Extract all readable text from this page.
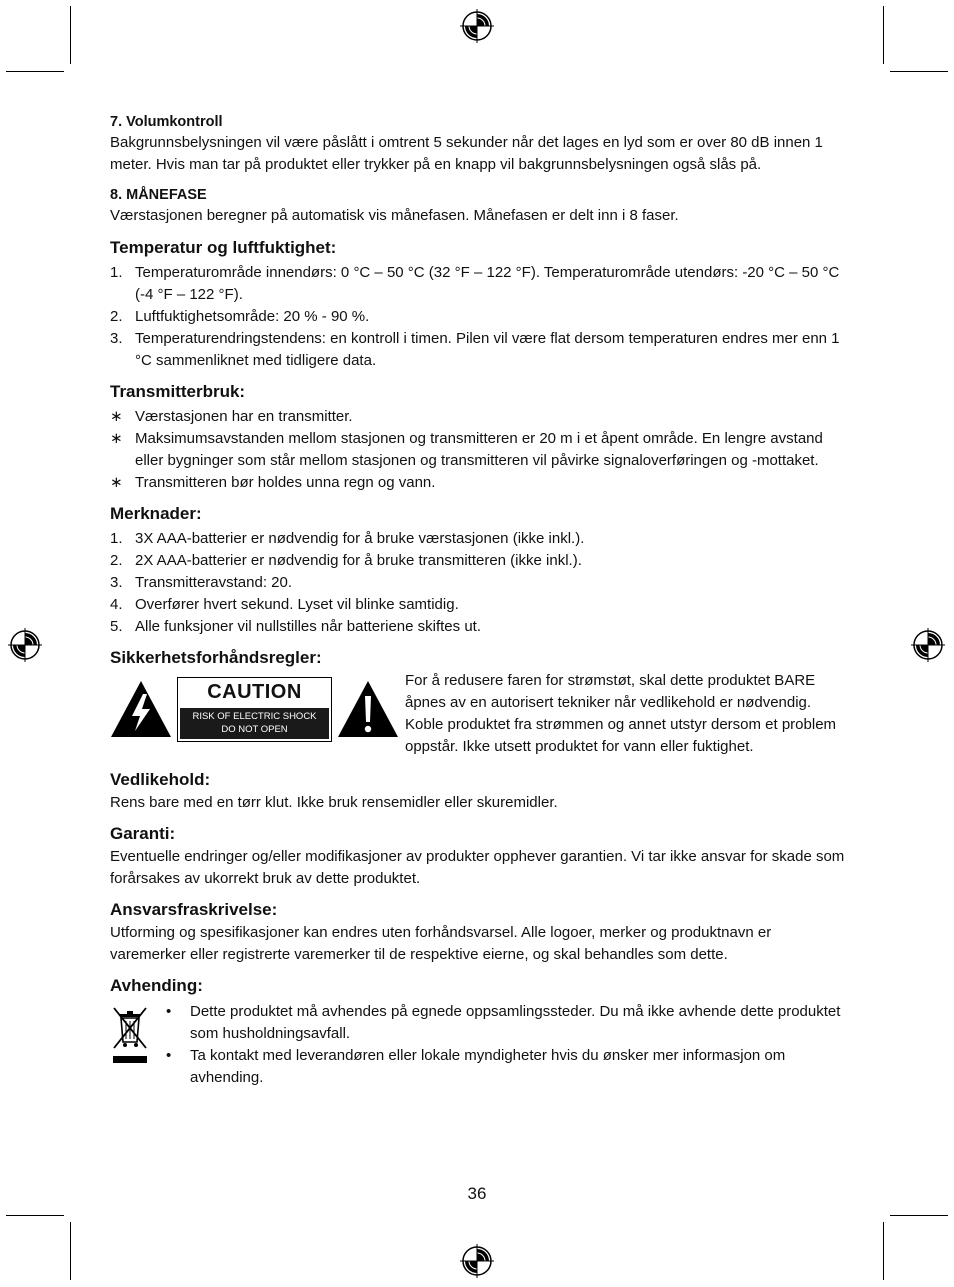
7. Volumkontroll

Bakgrunnsbelysningen vil være påslått i omtrent 5 sekunder når det lages en lyd som er over 80 dB innen 1 meter. Hvis man tar på produktet eller trykker på en knapp vil bakgrunnsbelysningen også slås på.

8. MÅNEFASE

Værstasjonen beregner på automatisk vis månefasen. Månefasen er delt inn i 8 faser.

Temperatur og luftfuktighet:

1. Temperaturområde innendørs: 0 °C – 50 °C (32 °F – 122 °F). Temperaturområde utendørs: -20 °C – 50 °C (-4 °F – 122 °F).
2. Luftfuktighetsområde: 20 % - 90 %.
3. Temperaturendringstendens: en kontroll i timen. Pilen vil være flat dersom temperaturen endres mer enn 1 °C sammenliknet med tidligere data.

Transmitterbruk:

∗ Værstasjonen har en transmitter.
∗ Maksimumsavstanden mellom stasjonen og transmitteren er 20 m i et åpent område. En lengre avstand eller bygninger som står mellom stasjonen og transmitteren vil påvirke signaloverføringen og -mottaket.
∗ Transmitteren bør holdes unna regn og vann.

Merknader:

1. 3X AAA-batterier er nødvendig for å bruke værstasjonen (ikke inkl.).
2. 2X AAA-batterier er nødvendig for å bruke transmitteren (ikke inkl.).
3. Transmitteravstand: 20.
4. Overfører hvert sekund. Lyset vil blinke samtidig.
5. Alle funksjoner vil nullstilles når batteriene skiftes ut.

Sikkerhetsforhåndsregler:

CAUTION
RISK OF ELECTRIC SHOCK
DO NOT OPEN
For å redusere faren for strømstøt, skal dette produktet BARE åpnes av en autorisert tekniker når vedlikehold er nødvendig. Koble produktet fra strømmen og annet utstyr dersom et problem oppstår. Ikke utsett produktet for vann eller fuktighet.

Vedlikehold:

Rens bare med en tørr klut. Ikke bruk rensemidler eller skuremidler.

Garanti:

Eventuelle endringer og/eller modifikasjoner av produkter opphever garantien. Vi tar ikke ansvar for skade som forårsakes av ukorrekt bruk av dette produktet.

Ansvarsfraskrivelse:

Utforming og spesifikasjoner kan endres uten forhåndsvarsel. Alle logoer, merker og produktnavn er varemerker eller registrerte varemerker til de respektive eierne, og skal behandles som dette.

Avhending:

• Dette produktet må avhendes på egnede oppsamlingssteder. Du må ikke avhende dette produktet som husholdningsavfall.
• Ta kontakt med leverandøren eller lokale myndigheter hvis du ønsker mer informasjon om avhending.
36
